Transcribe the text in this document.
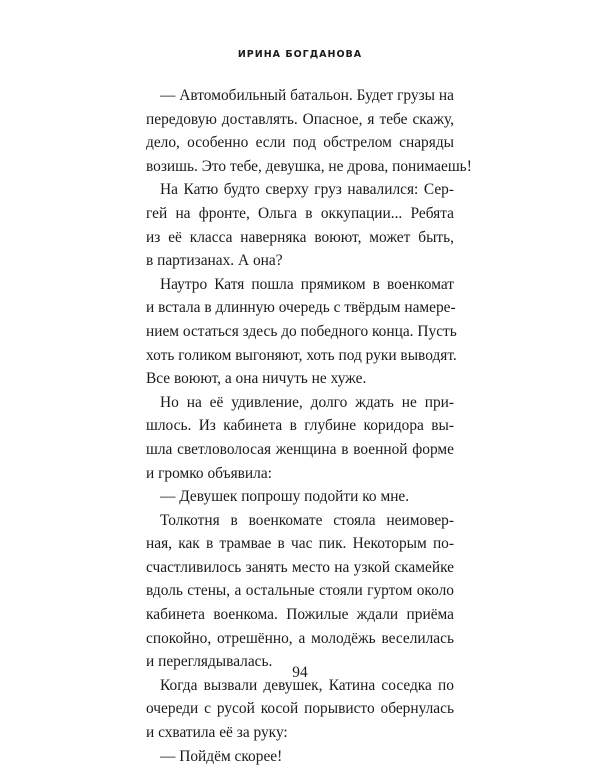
ИРИНА БОГДАНОВА
— Автомобильный батальон. Будет грузы на
передовую доставлять. Опасное, я тебе скажу,
дело, особенно если под обстрелом снаряды
возишь. Это тебе, девушка, не дрова, понимаешь!
На Катю будто сверху груз навалился: Сер-
гей на фронте, Ольга в оккупации... Ребята
из её класса наверняка воюют, может быть,
в партизанах. А она?
Наутро Катя пошла прямиком в военкомат
и встала в длинную очередь с твёрдым намере-
нием остаться здесь до победного конца. Пусть
хоть голиком выгоняют, хоть под руки выводят.
Все воюют, а она ничуть не хуже.
Но на её удивление, долго ждать не при-
шлось. Из кабинета в глубине коридора вы-
шла светловолосая женщина в военной форме
и громко объявила:
— Девушек попрошу подойти ко мне.
Толкотня в военкомате стояла неимовер-
ная, как в трамвае в час пик. Некоторым по-
счастливилось занять место на узкой скамейке
вдоль стены, а остальные стояли гуртом около
кабинета военкома. Пожилые ждали приёма
спокойно, отрешённо, а молодёжь веселилась
и переглядывалась.
Когда вызвали девушек, Катина соседка по
очереди с русой косой порывисто обернулась
и схватила её за руку:
— Пойдём скорее!
94
